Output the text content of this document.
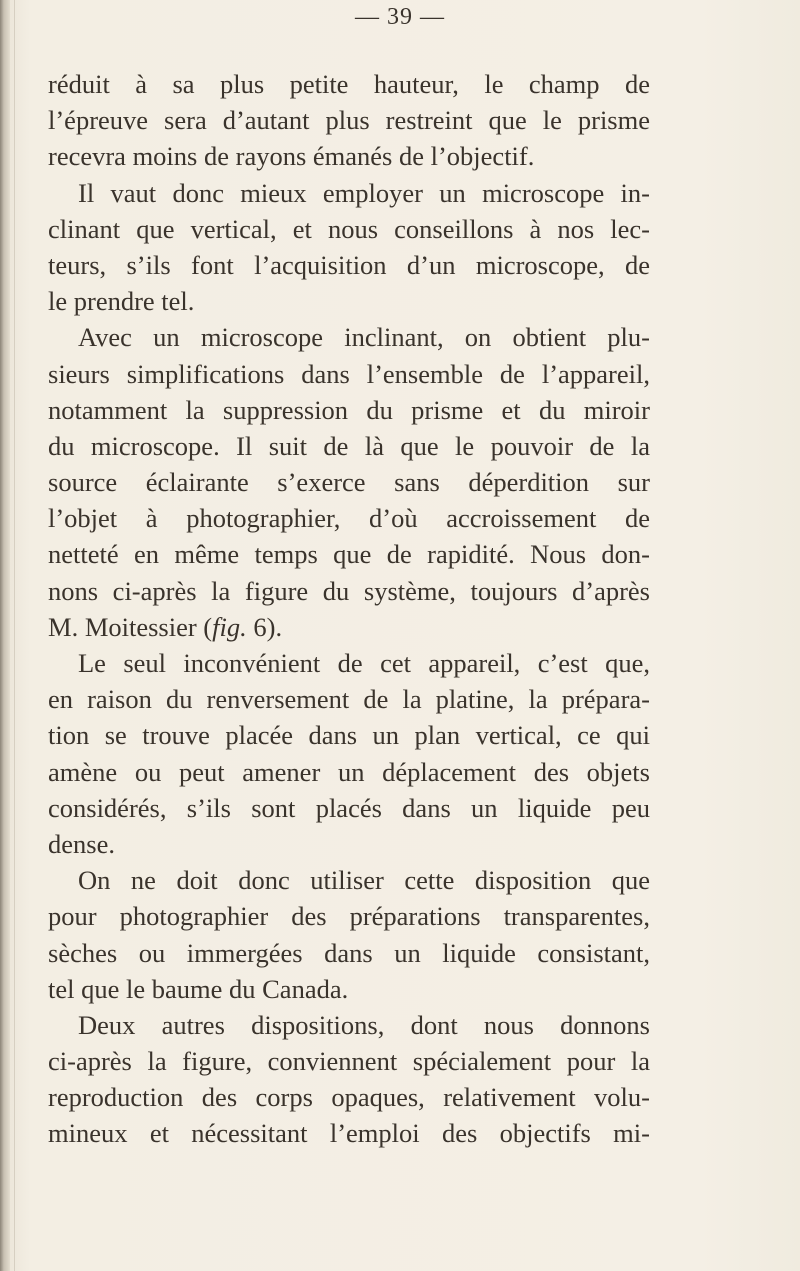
— 39 —
réduit à sa plus petite hauteur, le champ de
l’épreuve sera d’autant plus restreint que le prisme
recevra moins de rayons émanés de l’objectif.
Il vaut donc mieux employer un microscope in-
clinant que vertical, et nous conseillons à nos lec-
teurs, s’ils font l’acquisition d’un microscope, de
le prendre tel.
Avec un microscope inclinant, on obtient plu-
sieurs simplifications dans l’ensemble de l’appareil,
notamment la suppression du prisme et du miroir
du microscope. Il suit de là que le pouvoir de la
source éclairante s’exerce sans déperdition sur
l’objet à photographier, d’où accroissement de
netteté en même temps que de rapidité. Nous don-
nons ci-après la figure du système, toujours d’après
M. Moitessier (fig. 6).
Le seul inconvénient de cet appareil, c’est que,
en raison du renversement de la platine, la prépara-
tion se trouve placée dans un plan vertical, ce qui
amène ou peut amener un déplacement des objets
considérés, s’ils sont placés dans un liquide peu
dense.
On ne doit donc utiliser cette disposition que
pour photographier des préparations transparentes,
sèches ou immergées dans un liquide consistant,
tel que le baume du Canada.
Deux autres dispositions, dont nous donnons
ci-après la figure, conviennent spécialement pour la
reproduction des corps opaques, relativement volu-
mineux et nécessitant l’emploi des objectifs mi-
